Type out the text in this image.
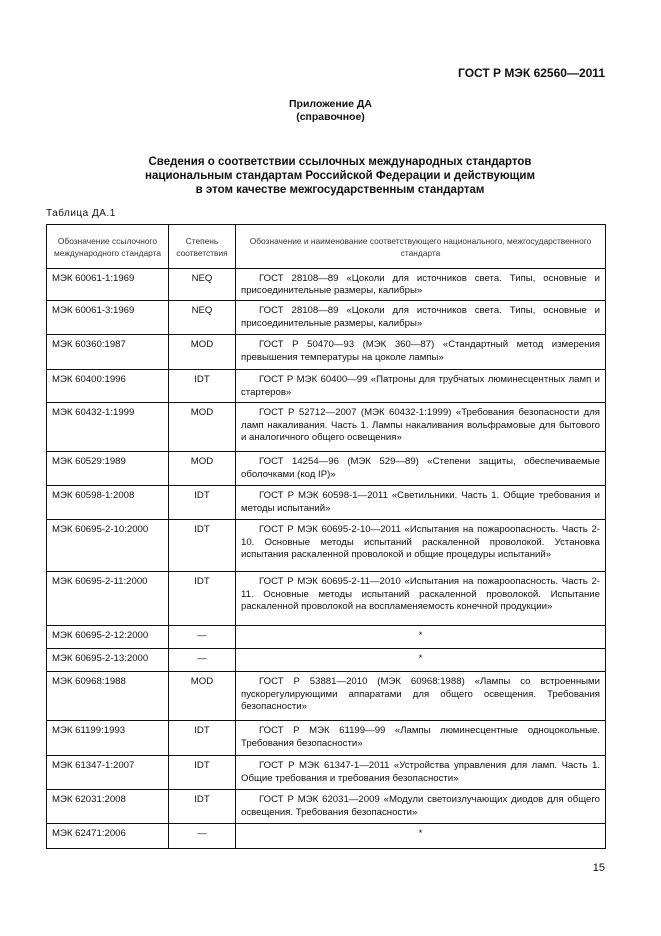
ГОСТ Р МЭК 62560—2011
Приложение ДА
(справочное)
Сведения о соответствии ссылочных международных стандартов
национальным стандартам Российской Федерации и действующим
в этом качестве межгосударственным стандартам
Таблица ДА.1
Обозначение ссылочного международного стандарта	Степень соответствия	Обозначение и наименование соответствующего национального, межгосударственного стандарта
МЭК 60061-1:1969	NEQ	ГОСТ 28108—89 «Цоколи для источников света. Типы, основные и присоединительные размеры, калибры»
МЭК 60061-3:1969	NEQ	ГОСТ 28108—89 «Цоколи для источников света. Типы, основные и присоединительные размеры, калибры»
МЭК 60360:1987	MOD	ГОСТ Р 50470—93 (МЭК 360—87) «Стандартный метод измерения превышения температуры на цоколе лампы»
МЭК 60400:1996	IDT	ГОСТ Р МЭК 60400—99 «Патроны для трубчатых люминесцентных ламп и стартеров»
МЭК 60432-1:1999	MOD	ГОСТ Р 52712—2007 (МЭК 60432-1:1999) «Требования безопасности для ламп накаливания. Часть 1. Лампы накаливания вольфрамовые для бытового и аналогичного общего освещения»
МЭК 60529:1989	MOD	ГОСТ 14254—96 (МЭК 529—89) «Степени защиты, обеспечиваемые оболочками (код IP)»
МЭК 60598-1:2008	IDT	ГОСТ Р МЭК 60598-1—2011 «Светильники. Часть 1. Общие требования и методы испытаний»
МЭК 60695-2-10:2000	IDT	ГОСТ Р МЭК 60695-2-10—2011 «Испытания на пожароопасность. Часть 2-10. Основные методы испытаний раскаленной проволокой. Установка испытания раскаленной проволокой и общие процедуры испытаний»
МЭК 60695-2-11:2000	IDT	ГОСТ Р МЭК 60695-2-11—2010 «Испытания на пожароопасность. Часть 2-11. Основные методы испытаний раскаленной проволокой. Испытание раскаленной проволокой на воспламеняемость конечной продукции»
МЭК 60695-2-12:2000	—	*
МЭК 60695-2-13:2000	—	*
МЭК 60968:1988	MOD	ГОСТ Р 53881—2010 (МЭК 60968:1988) «Лампы со встроенными пускорегулирующими аппаратами для общего освещения. Требования безопасности»
МЭК 61199:1993	IDT	ГОСТ Р МЭК 61199—99 «Лампы люминесцентные одноцокольные. Требования безопасности»
МЭК 61347-1:2007	IDT	ГОСТ Р МЭК 61347-1—2011 «Устройства управления для ламп. Часть 1. Общие требования и требования безопасности»
МЭК 62031:2008	IDT	ГОСТ Р МЭК 62031—2009 «Модули светоизлучающих диодов для общего освещения. Требования безопасности»
МЭК 62471:2006	—	*
15
